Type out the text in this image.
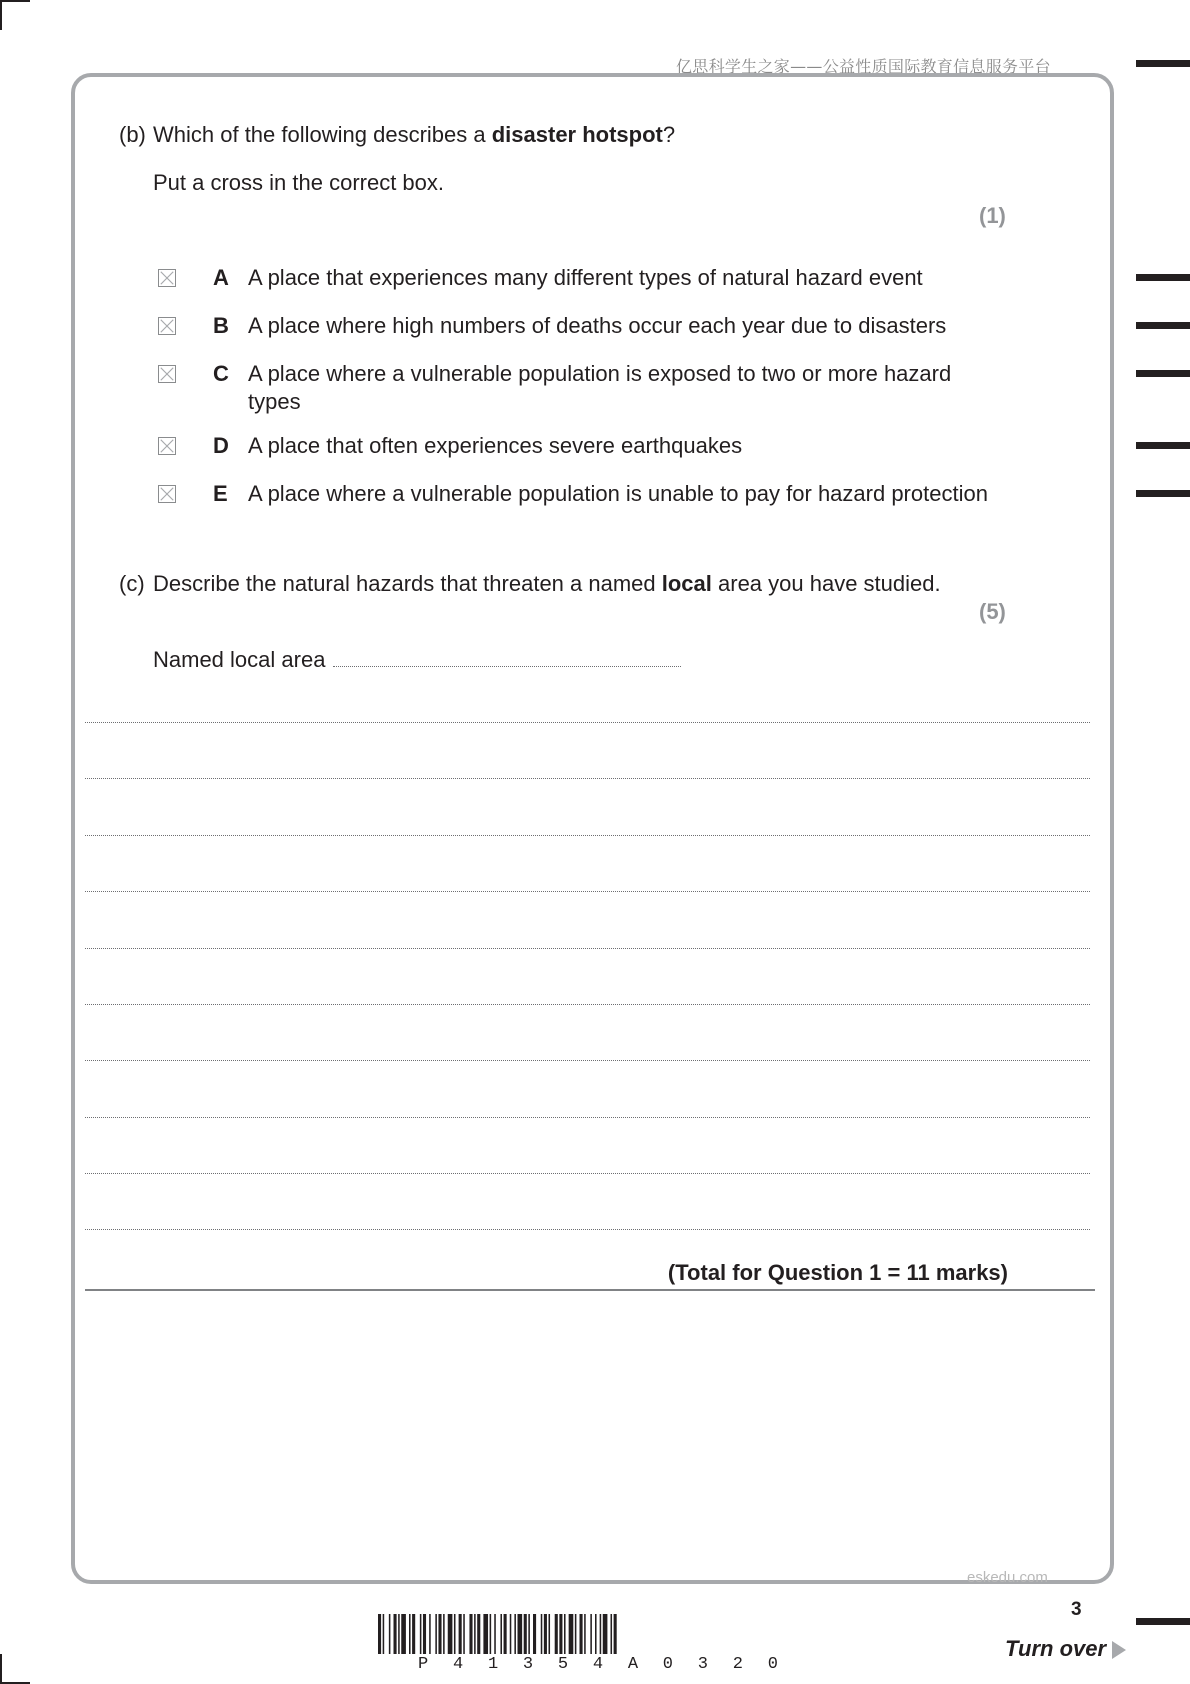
亿思科学生之家——公益性质国际教育信息服务平台
(b) Which of the following describes a disaster hotspot?
Put a cross in the correct box.
(1)
A A place that experiences many different types of natural hazard event
B A place where high numbers of deaths occur each year due to disasters
C A place where a vulnerable population is exposed to two or more hazard types
D A place that often experiences severe earthquakes
E A place where a vulnerable population is unable to pay for hazard protection
(c) Describe the natural hazards that threaten a named local area you have studied.
(5)
Named local area
(Total for Question 1 = 11 marks)
eskedu.com
3
P 4 1 3 5 4 A 0 3 2 0
Turn over
